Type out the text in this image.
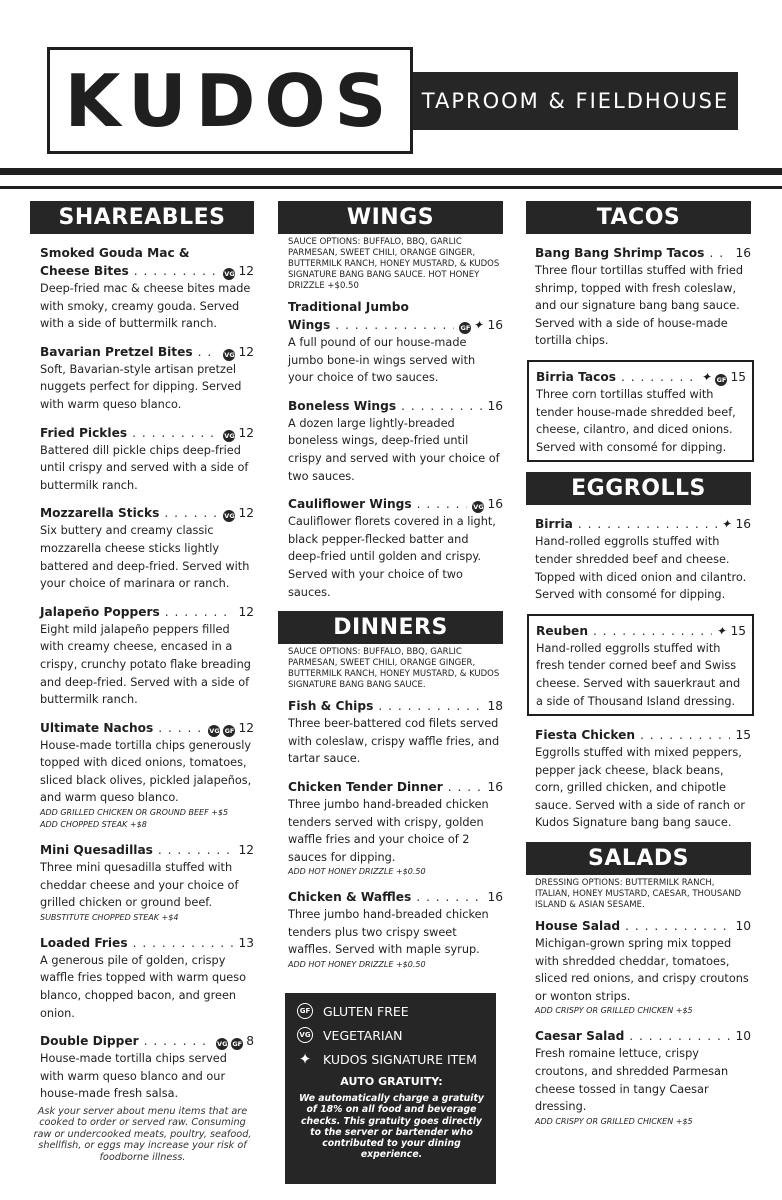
KUDOS TAPROOM & FIELDHOUSE
SHAREABLES
Smoked Gouda Mac &
Cheese Bites . . .	VG 12
Deep-fried mac & cheese bites made with smoky, creamy gouda. Served with a side of buttermilk ranch.
Bavarian Pretzel Bites . . .	VG 12
Soft, Bavarian-style artisan pretzel nuggets perfect for dipping. Served with warm queso blanco.
Fried Pickles . . .	VG 12
Battered dill pickle chips deep-fried until crispy and served with a side of buttermilk ranch.
Mozzarella Sticks . . .	VG 12
Six buttery and creamy classic mozzarella cheese sticks lightly battered and deep-fried. Served with your choice of marinara or ranch.
Jalapeño Poppers . . .	12
Eight mild jalapeño peppers filled with creamy cheese, encased in a crispy, crunchy potato flake breading and deep-fried. Served with a side of buttermilk ranch.
Ultimate Nachos . . .	VG GF 12
House-made tortilla chips generously topped with diced onions, tomatoes, sliced black olives, pickled jalapeños, and warm queso blanco.
ADD GRILLED CHICKEN OR GROUND BEEF +$5
ADD CHOPPED STEAK +$8
Mini Quesadillas . . .	12
Three mini quesadilla stuffed with cheddar cheese and your choice of grilled chicken or ground beef.
SUBSTITUTE CHOPPED STEAK +$4
Loaded Fries . . .	13
A generous pile of golden, crispy waffle fries topped with warm queso blanco, chopped bacon, and green onion.
Double Dipper . . .	VG GF 8
House-made tortilla chips served with warm queso blanco and our house-made fresh salsa.
WINGS
SAUCE OPTIONS: BUFFALO, BBQ, GARLIC PARMESAN, SWEET CHILI, ORANGE GINGER, BUTTERMILK RANCH, HONEY MUSTARD, & KUDOS SIGNATURE BANG BANG SAUCE. HOT HONEY DRIZZLE +$0.50
Traditional Jumbo
Wings . . .	GF ✦ 16
A full pound of our house-made jumbo bone-in wings served with your choice of two sauces.
Boneless Wings . . .	16
A dozen large lightly-breaded boneless wings, deep-fried until crispy and served with your choice of two sauces.
Cauliflower Wings . . .	VG 16
Cauliflower florets covered in a light, black pepper-flecked batter and deep-fried until golden and crispy. Served with your choice of two sauces.
DINNERS
SAUCE OPTIONS: BUFFALO, BBQ, GARLIC PARMESAN, SWEET CHILI, ORANGE GINGER, BUTTERMILK RANCH, HONEY MUSTARD, & KUDOS SIGNATURE BANG BANG SAUCE.
Fish & Chips . . .	18
Three beer-battered cod filets served with coleslaw, crispy waffle fries, and tartar sauce.
Chicken Tender Dinner . . .	16
Three jumbo hand-breaded chicken tenders served with crispy, golden waffle fries and your choice of 2 sauces for dipping.
ADD HOT HONEY DRIZZLE +$0.50
Chicken & Waffles . . .	16
Three jumbo hand-breaded chicken tenders plus two crispy sweet waffles. Served with maple syrup.
ADD HOT HONEY DRIZZLE +$0.50
TACOS
Bang Bang Shrimp Tacos . . .	16
Three flour tortillas stuffed with fried shrimp, topped with fresh coleslaw, and our signature bang bang sauce. Served with a side of house-made tortilla chips.
Birria Tacos . . .	✦ GF 15
Three corn tortillas stuffed with tender house-made shredded beef, cheese, cilantro, and diced onions. Served with consomé for dipping.
EGGROLLS
Birria . . .	✦ 16
Hand-rolled eggrolls stuffed with tender shredded beef and cheese. Topped with diced onion and cilantro. Served with consomé for dipping.
Reuben . . .	✦ 15
Hand-rolled eggrolls stuffed with fresh tender corned beef and Swiss cheese. Served with sauerkraut and a side of Thousand Island dressing.
Fiesta Chicken . . .	15
Eggrolls stuffed with mixed peppers, pepper jack cheese, black beans, corn, grilled chicken, and chipotle sauce. Served with a side of ranch or Kudos Signature bang bang sauce.
SALADS
DRESSING OPTIONS: BUTTERMILK RANCH, ITALIAN, HONEY MUSTARD, CAESAR, THOUSAND ISLAND & ASIAN SESAME.
House Salad . . .	10
Michigan-grown spring mix topped with shredded cheddar, tomatoes, sliced red onions, and crispy croutons or wonton strips.
ADD CRISPY OR GRILLED CHICKEN +$5
Caesar Salad . . .	10
Fresh romaine lettuce, crispy croutons, and shredded Parmesan cheese tossed in tangy Caesar dressing.
ADD CRISPY OR GRILLED CHICKEN +$5
GF GLUTEN FREE
VG VEGETARIAN
✦ KUDOS SIGNATURE ITEM
AUTO GRATUITY:
We automatically charge a gratuity of 18% on all food and beverage checks. This gratuity goes directly to the server or bartender who contributed to your dining experience.
Ask your server about menu items that are cooked to order or served raw. Consuming raw or undercooked meats, poultry, seafood, shellfish, or eggs may increase your risk of foodborne illness.
